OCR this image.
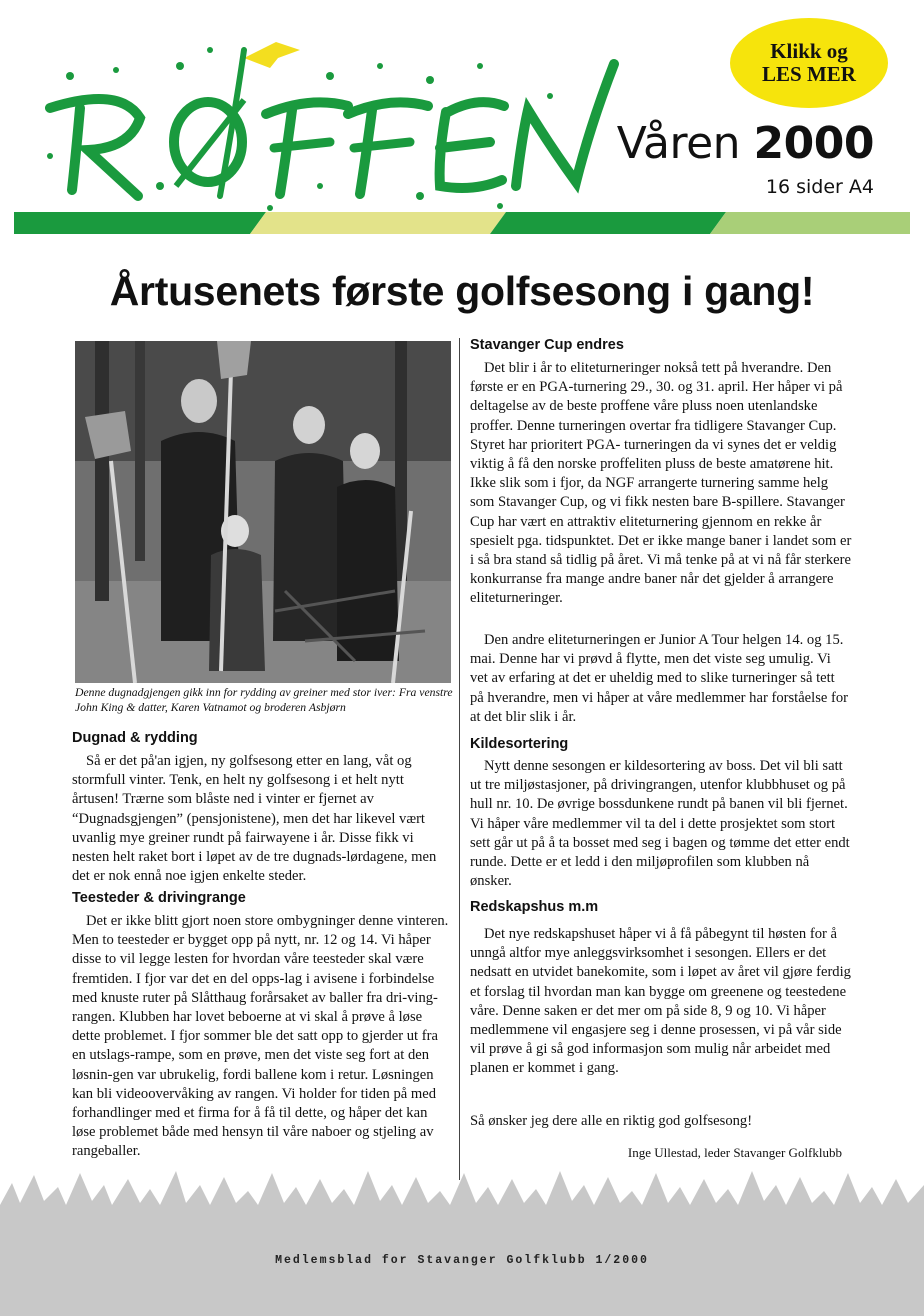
Klikk og
LES MER
Våren 2000
16 sider A4
Årtusenets første golfsesong i gang!
Denne dugnadgjengen gikk inn for rydding av greiner med stor iver: Fra venstre John King & datter, Karen Vatnamot og broderen Asbjørn
Dugnad & rydding

Så er det på'an igjen, ny golfsesong etter en lang, våt og stormfull vinter. Tenk, en helt ny golfsesong i et helt nytt årtusen! Trærne som blåste ned i vinter er fjernet av “Dugnadsgjengen” (pensjonistene), men det har likevel vært uvanlig mye greiner rundt på fairwayene i år. Disse fikk vi nesten helt raket bort i løpet av de tre dugnads-lørdagene, men det er nok ennå noe igjen enkelte steder.

Teesteder & drivingrange

Det er ikke blitt gjort noen store ombygninger denne vinteren. Men to teesteder er bygget opp på nytt, nr. 12 og 14. Vi håper disse to vil legge lesten for hvordan våre teesteder skal være fremtiden. I fjor var det en del opps-lag i avisene i forbindelse med knuste ruter på Slåtthaug forårsaket av baller fra dri-ving-rangen. Klubben har lovet beboerne at vi skal å prøve å løse dette problemet. I fjor sommer ble det satt opp to gjerder ut fra en utslags-rampe, som en prøve, men det viste seg fort at den løsnin-gen var ubrukelig, fordi ballene kom i retur. Løsningen kan bli videoovervåking av rangen. Vi holder for tiden på med forhandlinger med et firma for å få til dette, og håper det kan løse problemet både med hensyn til våre naboer og stjeling av rangeballer.

Stavanger Cup endres

Det blir i år to eliteturneringer nokså tett på hverandre. Den første er en PGA-turnering 29., 30. og 31. april. Her håper vi på deltagelse av de beste proffene våre pluss noen utenlandske proffer. Denne turneringen overtar fra tidligere Stavanger Cup. Styret har prioritert PGA- turneringen da vi synes det er veldig viktig å få den norske proffeliten pluss de beste amatørene hit. Ikke slik som i fjor, da NGF arrangerte turnering samme helg som Stavanger Cup, og vi fikk nesten bare B-spillere. Stavanger Cup har vært en attraktiv eliteturnering gjennom en rekke år spesielt pga. tidspunktet. Det er ikke mange baner i landet som er i så bra stand så tidlig på året. Vi må tenke på at vi nå får sterkere konkurranse fra mange andre baner når det gjelder å arrangere eliteturneringer.

Den andre eliteturneringen er Junior A Tour helgen 14. og 15. mai. Denne har vi prøvd å flytte, men det viste seg umulig. Vi vet av erfaring at det er uheldig med to slike turneringer så tett på hverandre, men vi håper at våre medlemmer har forståelse for at det blir slik i år.

Kildesortering

Nytt denne sesongen er kildesortering av boss. Det vil bli satt ut tre miljøstasjoner, på drivingrangen, utenfor klubbhuset og på hull nr. 10. De øvrige bossdunkene rundt på banen vil bli fjernet. Vi håper våre medlemmer vil ta del i dette prosjektet som stort sett går ut på å ta bosset med seg i bagen og tømme det etter endt runde. Dette er et ledd i den miljøprofilen som klubben nå ønsker.

Redskapshus m.m

Det nye redskapshuset håper vi å få påbegynt til høsten for å unngå altfor mye anleggsvirksomhet i sesongen. Ellers er det nedsatt en utvidet banekomite, som i løpet av året vil gjøre ferdig et forslag til hvordan man kan bygge om greenene og teestedene våre. Denne saken er det mer om på side 8, 9 og 10. Vi håper medlemmene vil engasjere seg i denne prosessen, vi på vår side vil prøve å gi så god informasjon som mulig når arbeidet med planen er kommet i gang.

Så ønsker jeg dere alle en riktig god golfsesong!

Inge Ullestad, leder Stavanger Golfklubb
Medlemsblad for Stavanger Golfklubb 1/2000
